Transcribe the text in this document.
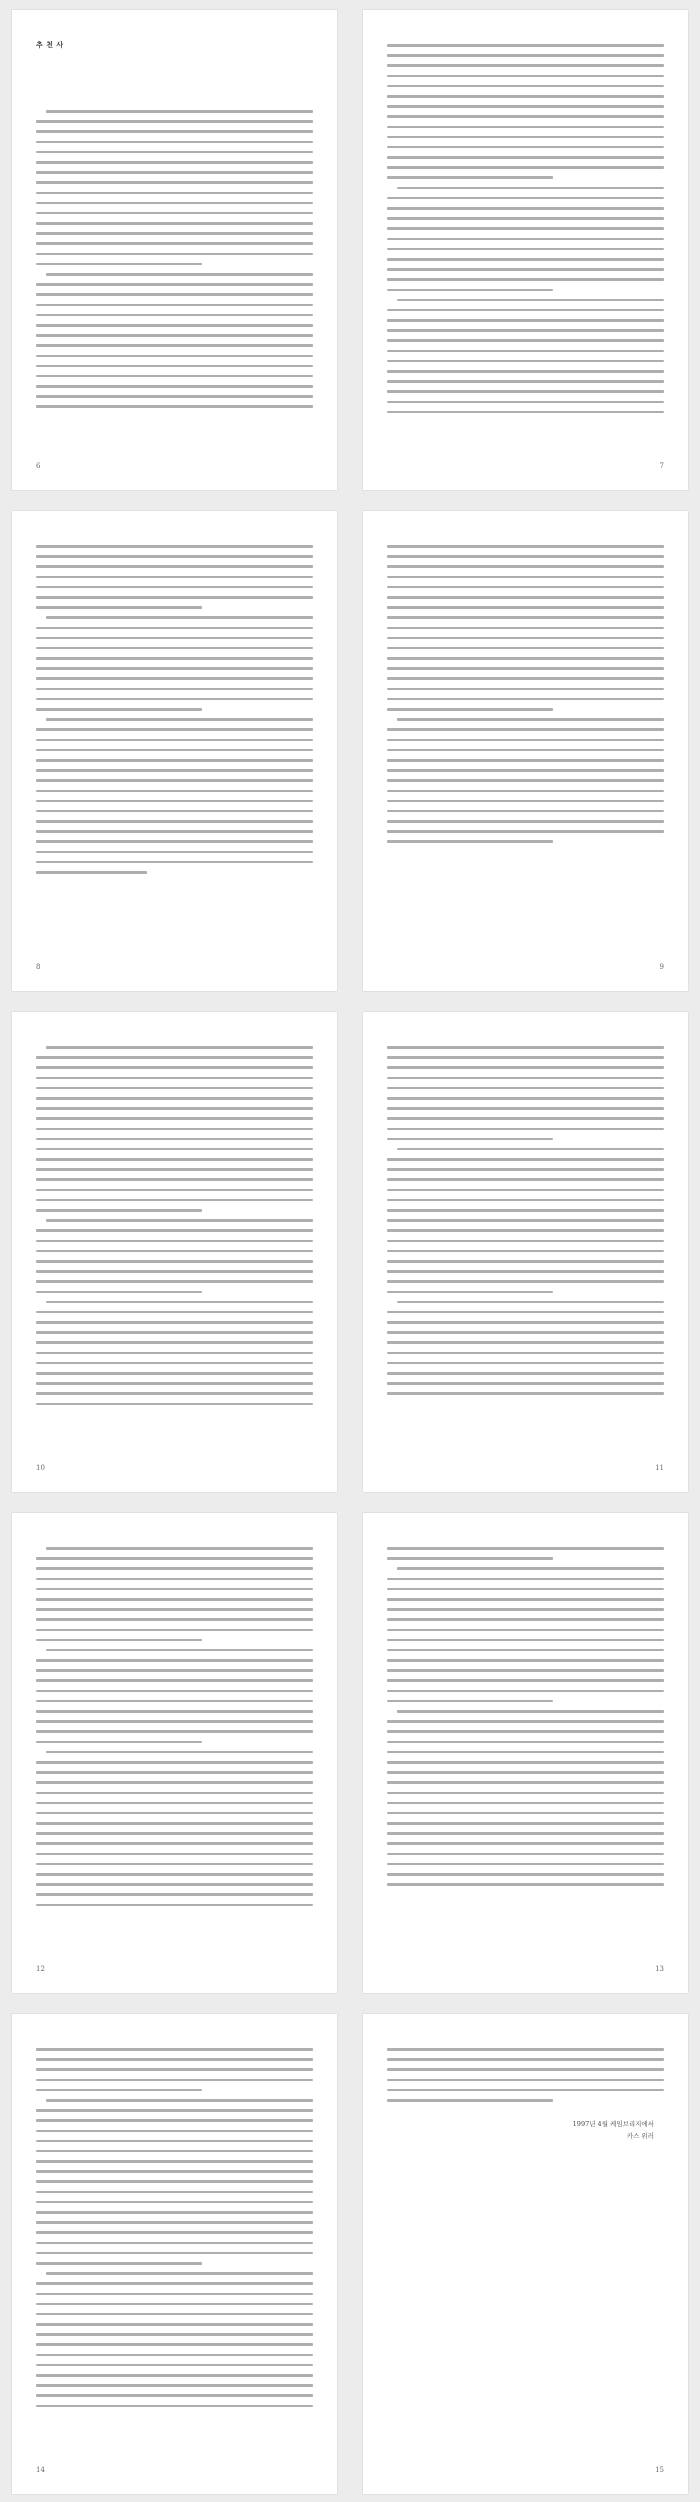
추 천 사
6	7
8	9
10	11
12	13
14
1997년 4월 케임브리지에서
카스 위러
15
